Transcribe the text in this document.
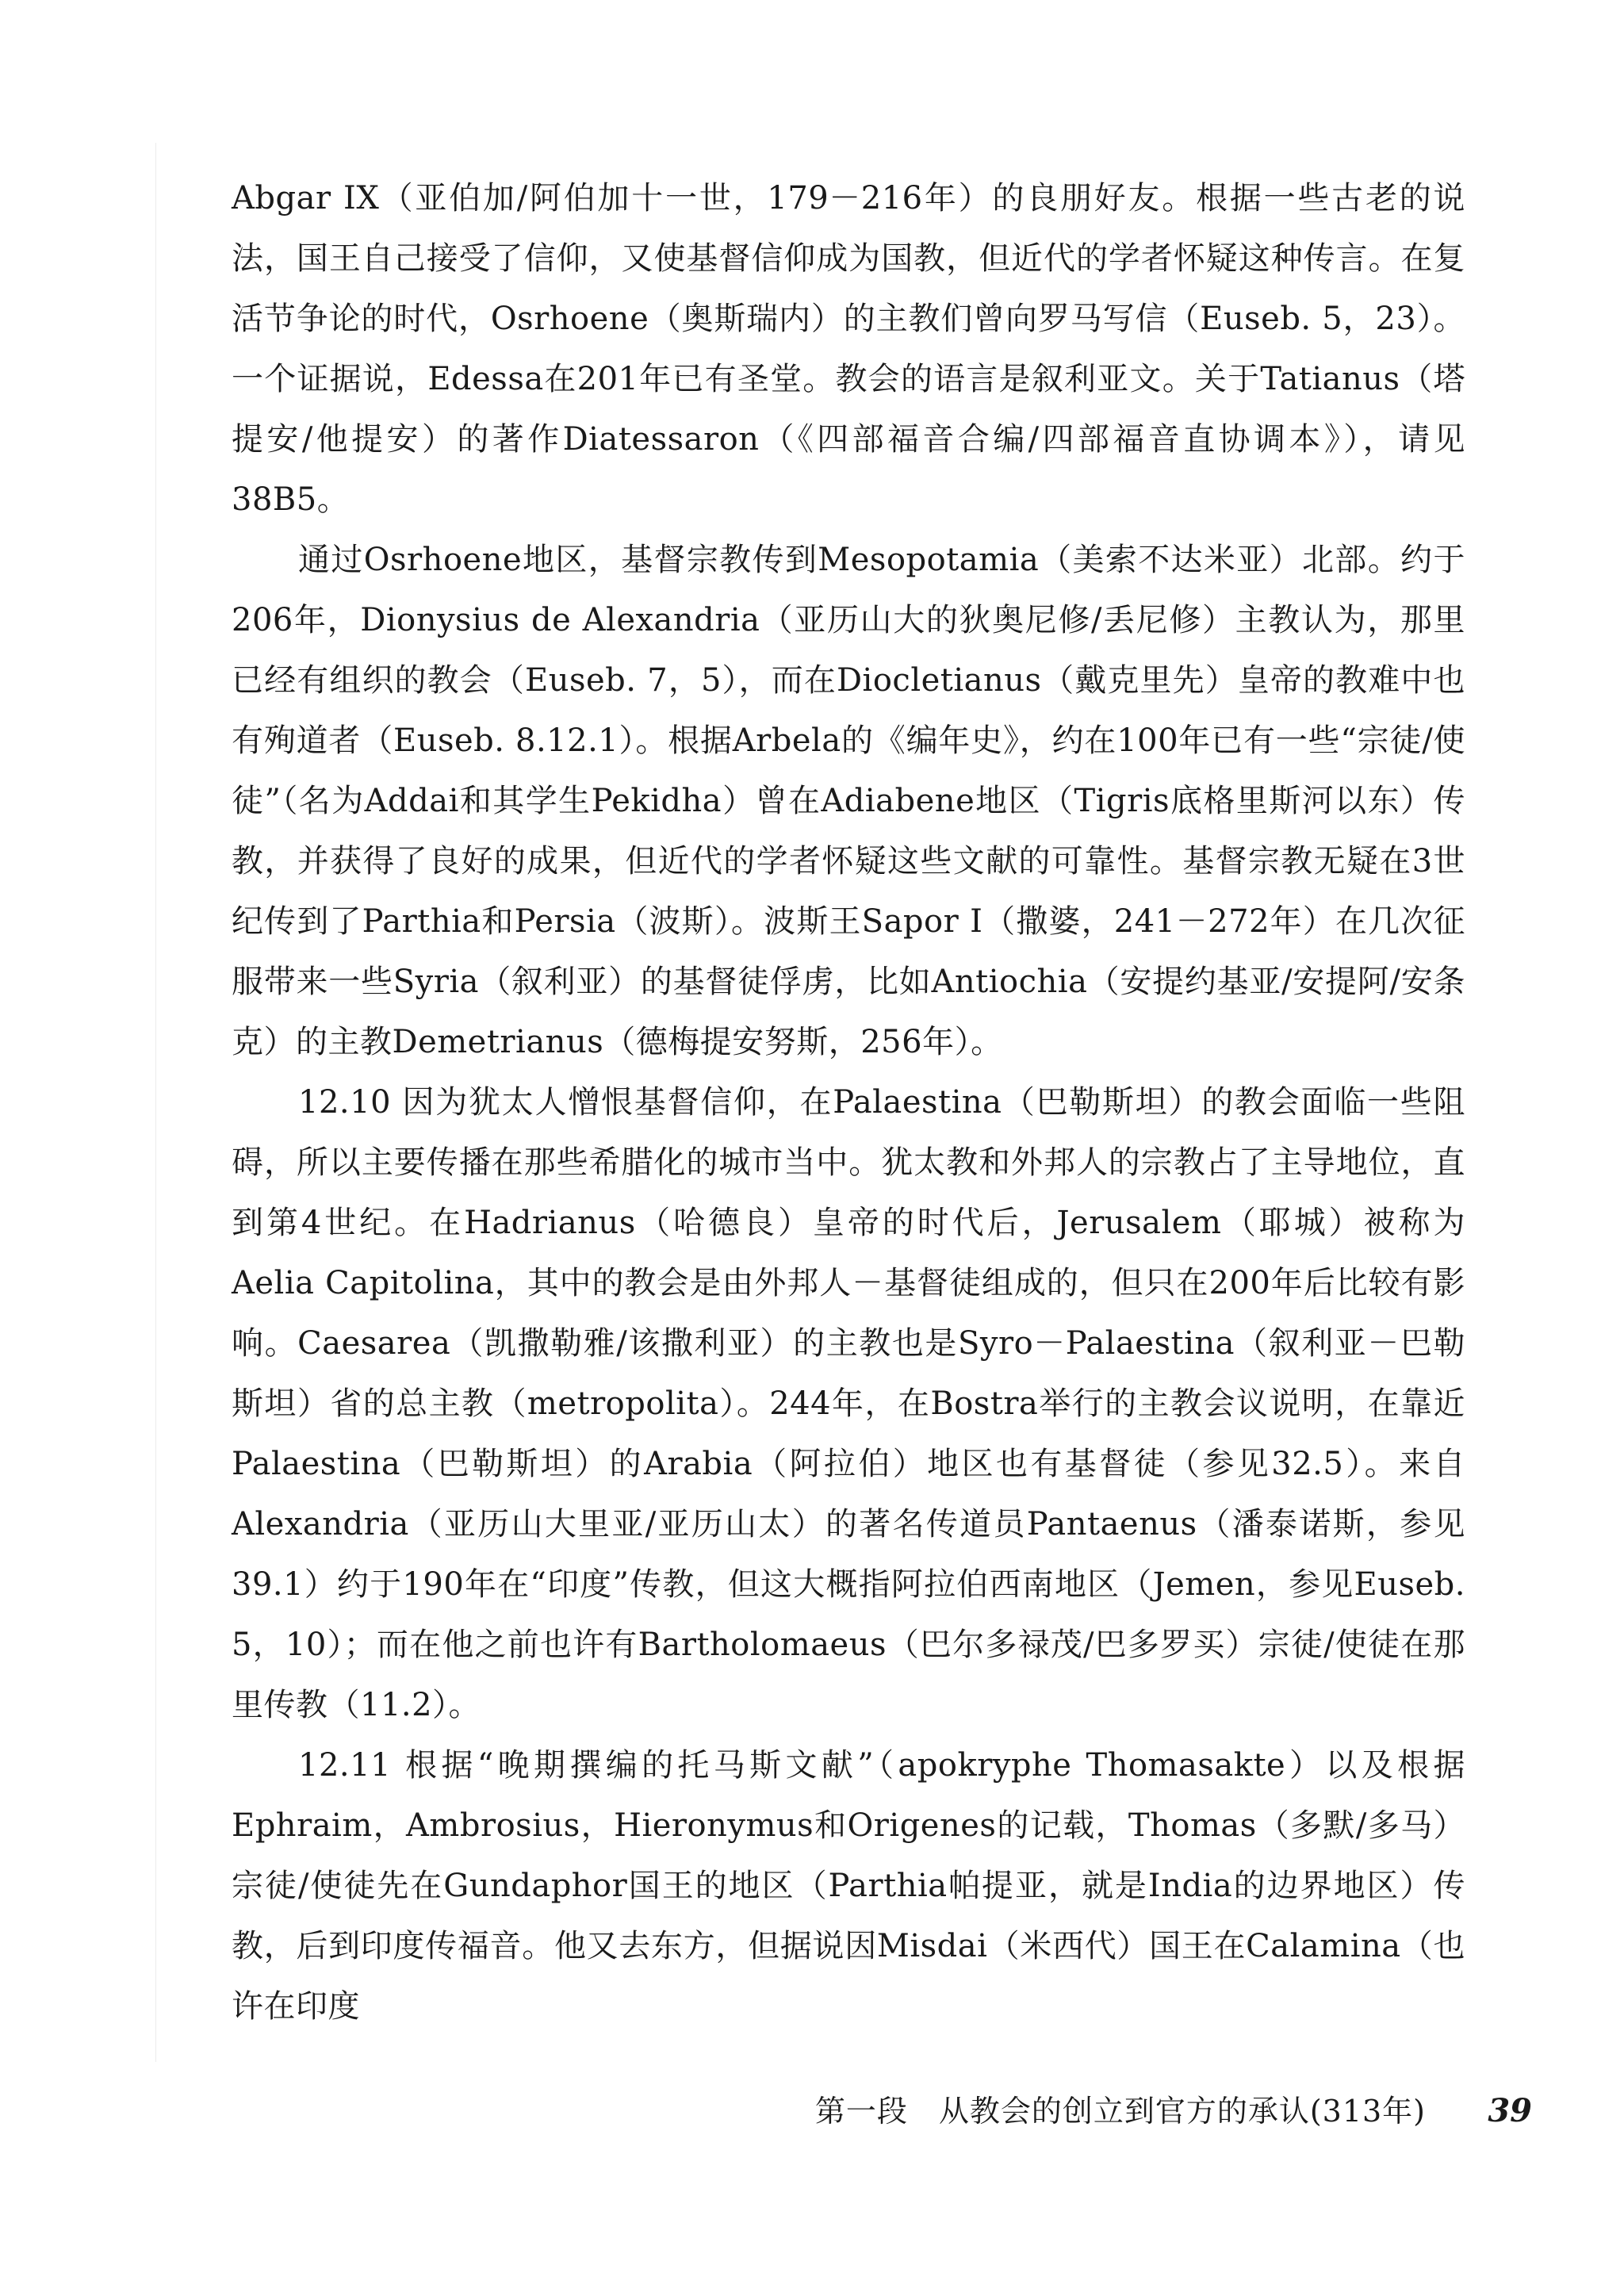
Abgar IX（亚伯加/阿伯加十一世，179－216年）的良朋好友。根据一些古老的说法，国王自己接受了信仰，又使基督信仰成为国教，但近代的学者怀疑这种传言。在复活节争论的时代，Osrhoene（奥斯瑞内）的主教们曾向罗马写信（Euseb. 5，23）。一个证据说，Edessa在201年已有圣堂。教会的语言是叙利亚文。关于Tatianus（塔提安/他提安）的著作Diatessaron（《四部福音合编/四部福音直协调本》），请见38B5。

通过Osrhoene地区，基督宗教传到Mesopotamia（美索不达米亚）北部。约于206年，Dionysius de Alexandria（亚历山大的狄奥尼修/丢尼修）主教认为，那里已经有组织的教会（Euseb. 7，5），而在Diocletianus（戴克里先）皇帝的教难中也有殉道者（Euseb. 8.12.1）。根据Arbela的《编年史》，约在100年已有一些“宗徒/使徒”（名为Addai和其学生Pekidha）曾在Adiabene地区（Tigris底格里斯河以东）传教，并获得了良好的成果，但近代的学者怀疑这些文献的可靠性。基督宗教无疑在3世纪传到了Parthia和Persia（波斯）。波斯王Sapor I（撒婆，241－272年）在几次征服带来一些Syria（叙利亚）的基督徒俘虏，比如Antiochia（安提约基亚/安提阿/安条克）的主教Demetrianus（德梅提安努斯，256年）。

12.10 因为犹太人憎恨基督信仰，在Palaestina（巴勒斯坦）的教会面临一些阻碍，所以主要传播在那些希腊化的城市当中。犹太教和外邦人的宗教占了主导地位，直到第4世纪。在Hadrianus（哈德良）皇帝的时代后，Jerusalem（耶城）被称为Aelia Capitolina，其中的教会是由外邦人－基督徒组成的，但只在200年后比较有影响。Caesarea（凯撒勒雅/该撒利亚）的主教也是Syro－Palaestina（叙利亚－巴勒斯坦）省的总主教（metropolita）。244年，在Bostra举行的主教会议说明，在靠近Palaestina（巴勒斯坦）的Arabia（阿拉伯）地区也有基督徒（参见32.5）。来自Alexandria（亚历山大里亚/亚历山太）的著名传道员Pantaenus（潘泰诺斯，参见39.1）约于190年在“印度”传教，但这大概指阿拉伯西南地区（Jemen，参见Euseb. 5，10）；而在他之前也许有Bartholomaeus（巴尔多禄茂/巴多罗买）宗徒/使徒在那里传教（11.2）。

12.11 根据“晚期撰编的托马斯文献”（apokryphe Thomasakte）以及根据Ephraim，Ambrosius，Hieronymus和Origenes的记载，Thomas（多默/多马）宗徒/使徒先在Gundaphor国王的地区（Parthia帕提亚，就是India的边界地区）传教，后到印度传福音。他又去东方，但据说因Misdai（米西代）国王在Calamina（也许在印度

第一段　从教会的创立到官方的承认(313年) 39
